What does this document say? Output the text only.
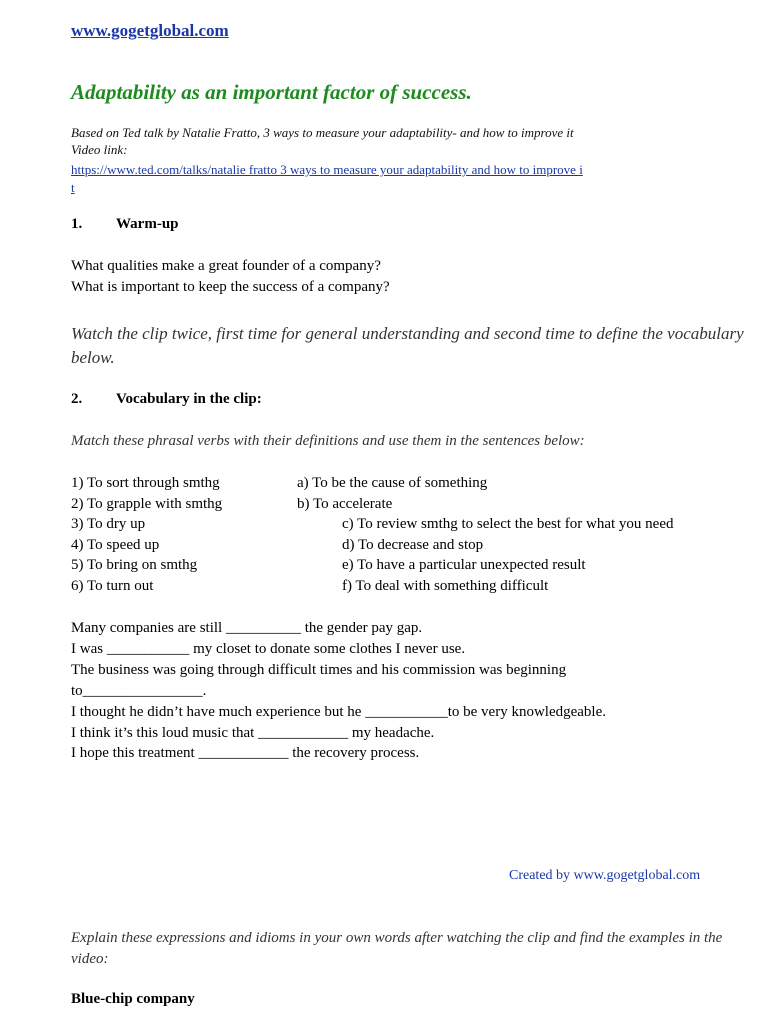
www.gogetglobal.com
Adaptability as an important factor of success.
Based on Ted talk by Natalie Fratto, 3 ways to measure your adaptability- and how to improve it
Video link:
https://www.ted.com/talks/natalie fratto 3 ways to measure your adaptability and how to improve i
t
1. Warm-up
What qualities make a great founder of a company?
What is important to keep the success of a company?
Watch the clip twice, first time for general understanding and second time to define the vocabulary below.
2. Vocabulary in the clip:
Match these phrasal verbs with their definitions and use them in the sentences below:
1) To sort through smthg
2) To grapple with smthg
3) To dry up
4) To speed up
5) To bring on smthg
6) To turn out
a) To be the cause of something
b) To accelerate
c) To review smthg to select the best for what you need
d) To decrease and stop
e) To have a particular unexpected result
f) To deal with something difficult
Many companies are still __________ the gender pay gap.
I was ___________ my closet to donate some clothes I never use.
The business was going through difficult times and his commission was beginning
to________________.
I thought he didn’t have much experience but he ___________to be very knowledgeable.
I think it’s this loud music that ____________ my headache.
I hope this treatment ____________ the recovery process.
Created by www.gogetglobal.com
Explain these expressions and idioms in your own words after watching the clip and find the examples in the video:
Blue-chip company
